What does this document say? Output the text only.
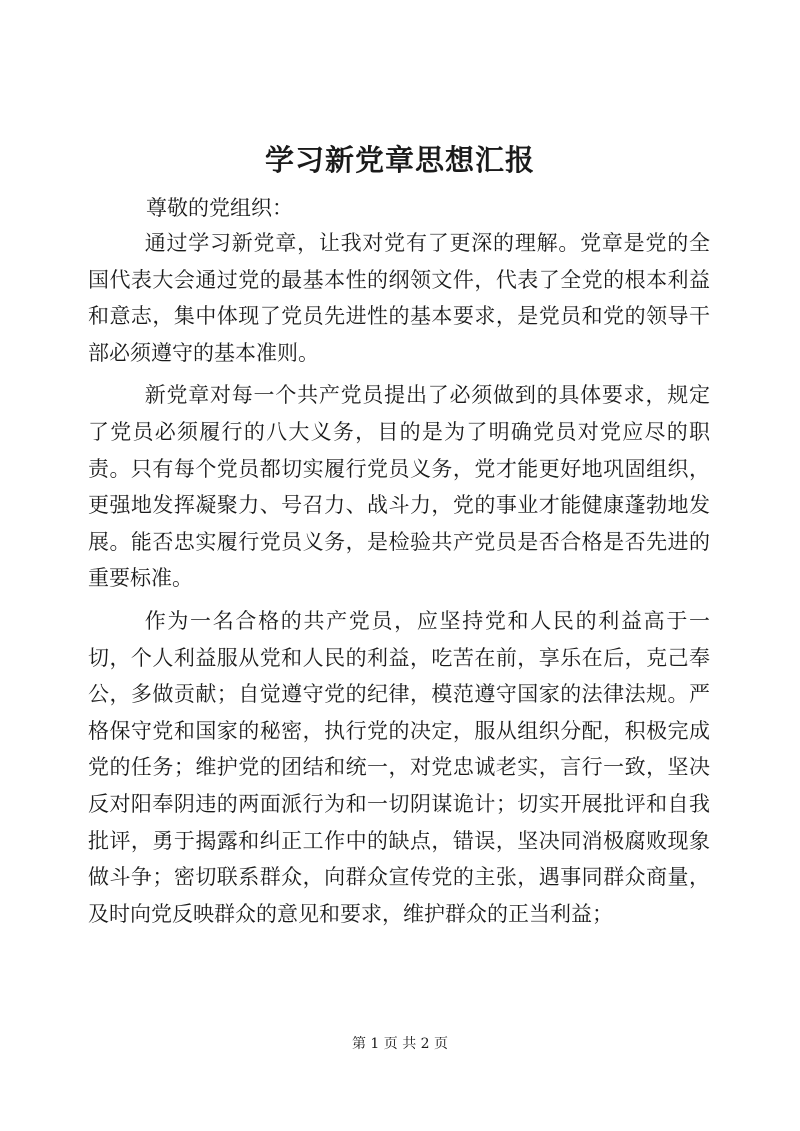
学习新党章思想汇报

尊敬的党组织：

通过学习新党章，让我对党有了更深的理解。党章是党的全国代表大会通过党的最基本性的纲领文件，代表了全党的根本利益和意志，集中体现了党员先进性的基本要求，是党员和党的领导干部必须遵守的基本准则。

新党章对每一个共产党员提出了必须做到的具体要求，规定了党员必须履行的八大义务，目的是为了明确党员对党应尽的职责。只有每个党员都切实履行党员义务，党才能更好地巩固组织，更强地发挥凝聚力、号召力、战斗力，党的事业才能健康蓬勃地发展。能否忠实履行党员义务，是检验共产党员是否合格是否先进的重要标准。

作为一名合格的共产党员，应坚持党和人民的利益高于一切，个人利益服从党和人民的利益，吃苦在前，享乐在后，克己奉公，多做贡献；自觉遵守党的纪律，模范遵守国家的法律法规。严格保守党和国家的秘密，执行党的决定，服从组织分配，积极完成党的任务；维护党的团结和统一，对党忠诚老实，言行一致，坚决反对阳奉阴违的两面派行为和一切阴谋诡计；切实开展批评和自我批评，勇于揭露和纠正工作中的缺点，错误，坚决同消极腐败现象做斗争；密切联系群众，向群众宣传党的主张，遇事同群众商量，及时向党反映群众的意见和要求，维护群众的正当利益；

第 1 页 共 2 页
